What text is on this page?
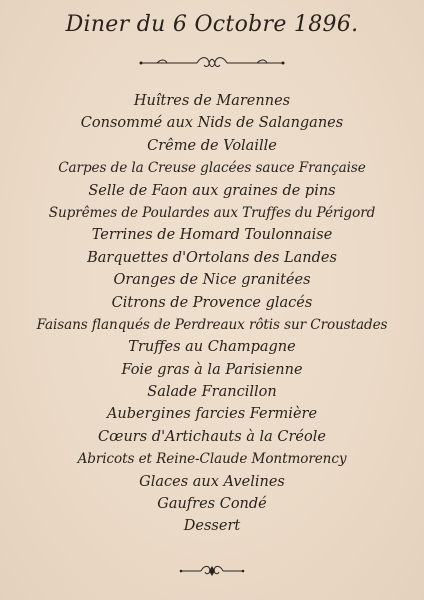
Diner du 6 Octobre 1896.
Huîtres de Marennes
Consommé aux Nids de Salanganes
Crême de Volaille
Carpes de la Creuse glacées sauce Française
Selle de Faon aux graines de pins
Suprêmes de Poulardes aux Truffes du Périgord
Terrines de Homard Toulonnaise
Barquettes d'Ortolans des Landes
Oranges de Nice granitées
Citrons de Provence glacés
Faisans flanqués de Perdreaux rôtis sur Croustades
Truffes au Champagne
Foie gras à la Parisienne
Salade Francillon
Aubergines farcies Fermière
Cœurs d'Artichauts à la Créole
Abricots et Reine-Claude Montmorency
Glaces aux Avelines
Gaufres Condé
Dessert
